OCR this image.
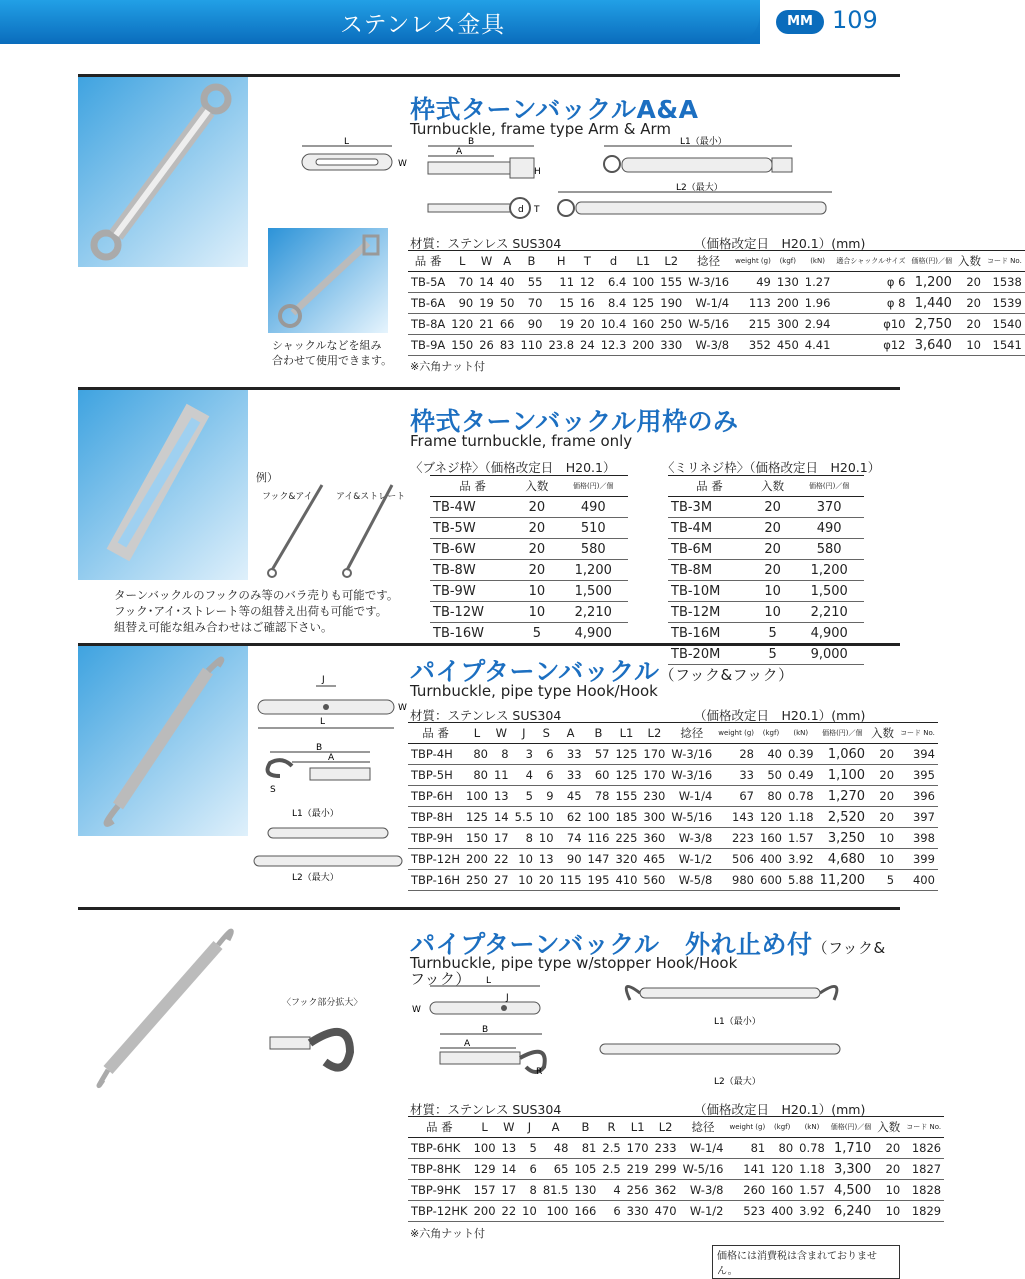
ステンレス金具	MM 109
シャックルなどを組み
合わせて使用できます。
枠式ターンバックルA&A
Turnbuckle, frame type Arm & Arm
L
W
B
A
H
d T
L1（最小）
L2（最大）
材質：ステンレス SUS304	（価格改定日　H20.1）(mm)
品 番	L	W	A	B	H	T	d	L1	L2	捻径	weight (g)	(kgf)	(kN)	適合シャックルサイズ	価格(円)／個	入数	コード No.
TB-5A	70	14	40	55	11	12	6.4	100	155	W-3/16	49	130	1.27	φ 6	1,200	20	1538
TB-6A	90	19	50	70	15	16	8.4	125	190	W-1/4	113	200	1.96	φ 8	1,440	20	1539
TB-8A	120	21	66	90	19	20	10.4	160	250	W-5/16	215	300	2.94	φ10	2,750	20	1540
TB-9A	150	26	83	110	23.8	24	12.3	200	330	W-3/8	352	450	4.41	φ12	3,640	10	1541
※六角ナット付
例）
フック&アイ	アイ&ストレート
枠式ターンバックル用枠のみ
Frame turnbuckle, frame only
〈ブネジ枠〉（価格改定日　H20.1）	〈ミリネジ枠〉（価格改定日　H20.1）
品 番	入数	価格(円)／個
TB-4W	20	490
TB-5W	20	510
TB-6W	20	580
TB-8W	20	1,200
TB-9W	10	1,500
TB-12W	10	2,210
TB-16W	5	4,900
品 番	入数	価格(円)／個
TB-3M	20	370
TB-4M	20	490
TB-6M	20	580
TB-8M	20	1,200
TB-10M	10	1,500
TB-12M	10	2,210
TB-16M	5	4,900
TB-20M	5	9,000
ターンバックルのフックのみ等のバラ売りも可能です。
フック･アイ･ストレート等の組替え出荷も可能です。
組替え可能な組み合わせはご確認下さい。
J
L
W
B
A
S
L1（最小）
L2（最大）
パイプターンバックル（フック&フック）
Turnbuckle, pipe type Hook/Hook
材質：ステンレス SUS304	（価格改定日　H20.1）(mm)
品 番	L	W	J	S	A	B	L1	L2	捻径	weight (g)	(kgf)	(kN)	価格(円)／個	入数	コード No.
TBP-4H	80	8	3	6	33	57	125	170	W-3/16	28	40	0.39	1,060	20	394
TBP-5H	80	11	4	6	33	60	125	170	W-3/16	33	50	0.49	1,100	20	395
TBP-6H	100	13	5	9	45	78	155	230	W-1/4	67	80	0.78	1,270	20	396
TBP-8H	125	14	5.5	10	62	100	185	300	W-5/16	143	120	1.18	2,520	20	397
TBP-9H	150	17	8	10	74	116	225	360	W-3/8	223	160	1.57	3,250	10	398
TBP-12H	200	22	10	13	90	147	320	465	W-1/2	506	400	3.92	4,680	10	399
TBP-16H	250	27	10	20	115	195	410	560	W-5/8	980	600	5.88	11,200	5	400
〈フック部分拡大〉
パイプターンバックル　外れ止め付（フック&フック）
Turnbuckle, pipe type w/stopper Hook/Hook
L
J
W
B
A
R
L1（最小）
L2（最大）
材質：ステンレス SUS304	（価格改定日　H20.1）(mm)
品 番	L	W	J	A	B	R	L1	L2	捻径	weight (g)	(kgf)	(kN)	価格(円)／個	入数	コード No.
TBP-6HK	100	13	5	48	81	2.5	170	233	W-1/4	81	80	0.78	1,710	20	1826
TBP-8HK	129	14	6	65	105	2.5	219	299	W-5/16	141	120	1.18	3,300	20	1827
TBP-9HK	157	17	8	81.5	130	4	256	362	W-3/8	260	160	1.57	4,500	10	1828
TBP-12HK	200	22	10	100	166	6	330	470	W-1/2	523	400	3.92	6,240	10	1829
※六角ナット付
価格には消費税は含まれておりません。
